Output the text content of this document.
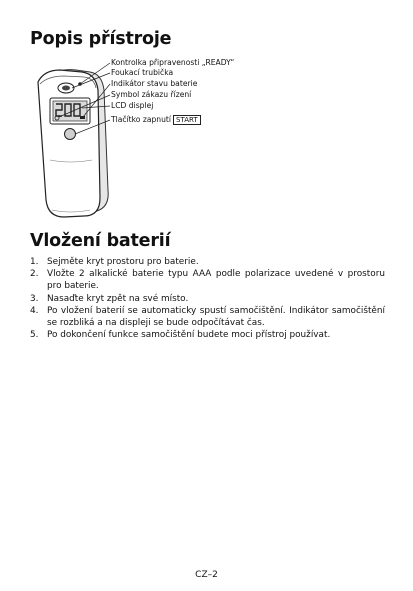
Popis přístroje
Kontrolka připravenosti „READY“
Foukací trubička
Indikátor stavu baterie
Symbol zákazu řízení
LCD displej
Tlačítko zapnutí START
Vložení baterií
1. Sejměte kryt prostoru pro baterie.
2. Vložte 2 alkalické baterie typu AAA podle polarizace uvedené v prostoru pro baterie.
3. Nasaďte kryt zpět na své místo.
4. Po vložení baterií se automaticky spustí samočištění. Indikátor samočištění se rozbliká a na displeji se bude odpočítávat čas.
5. Po dokončení funkce samočištění budete moci přístroj používat.
CZ–2
